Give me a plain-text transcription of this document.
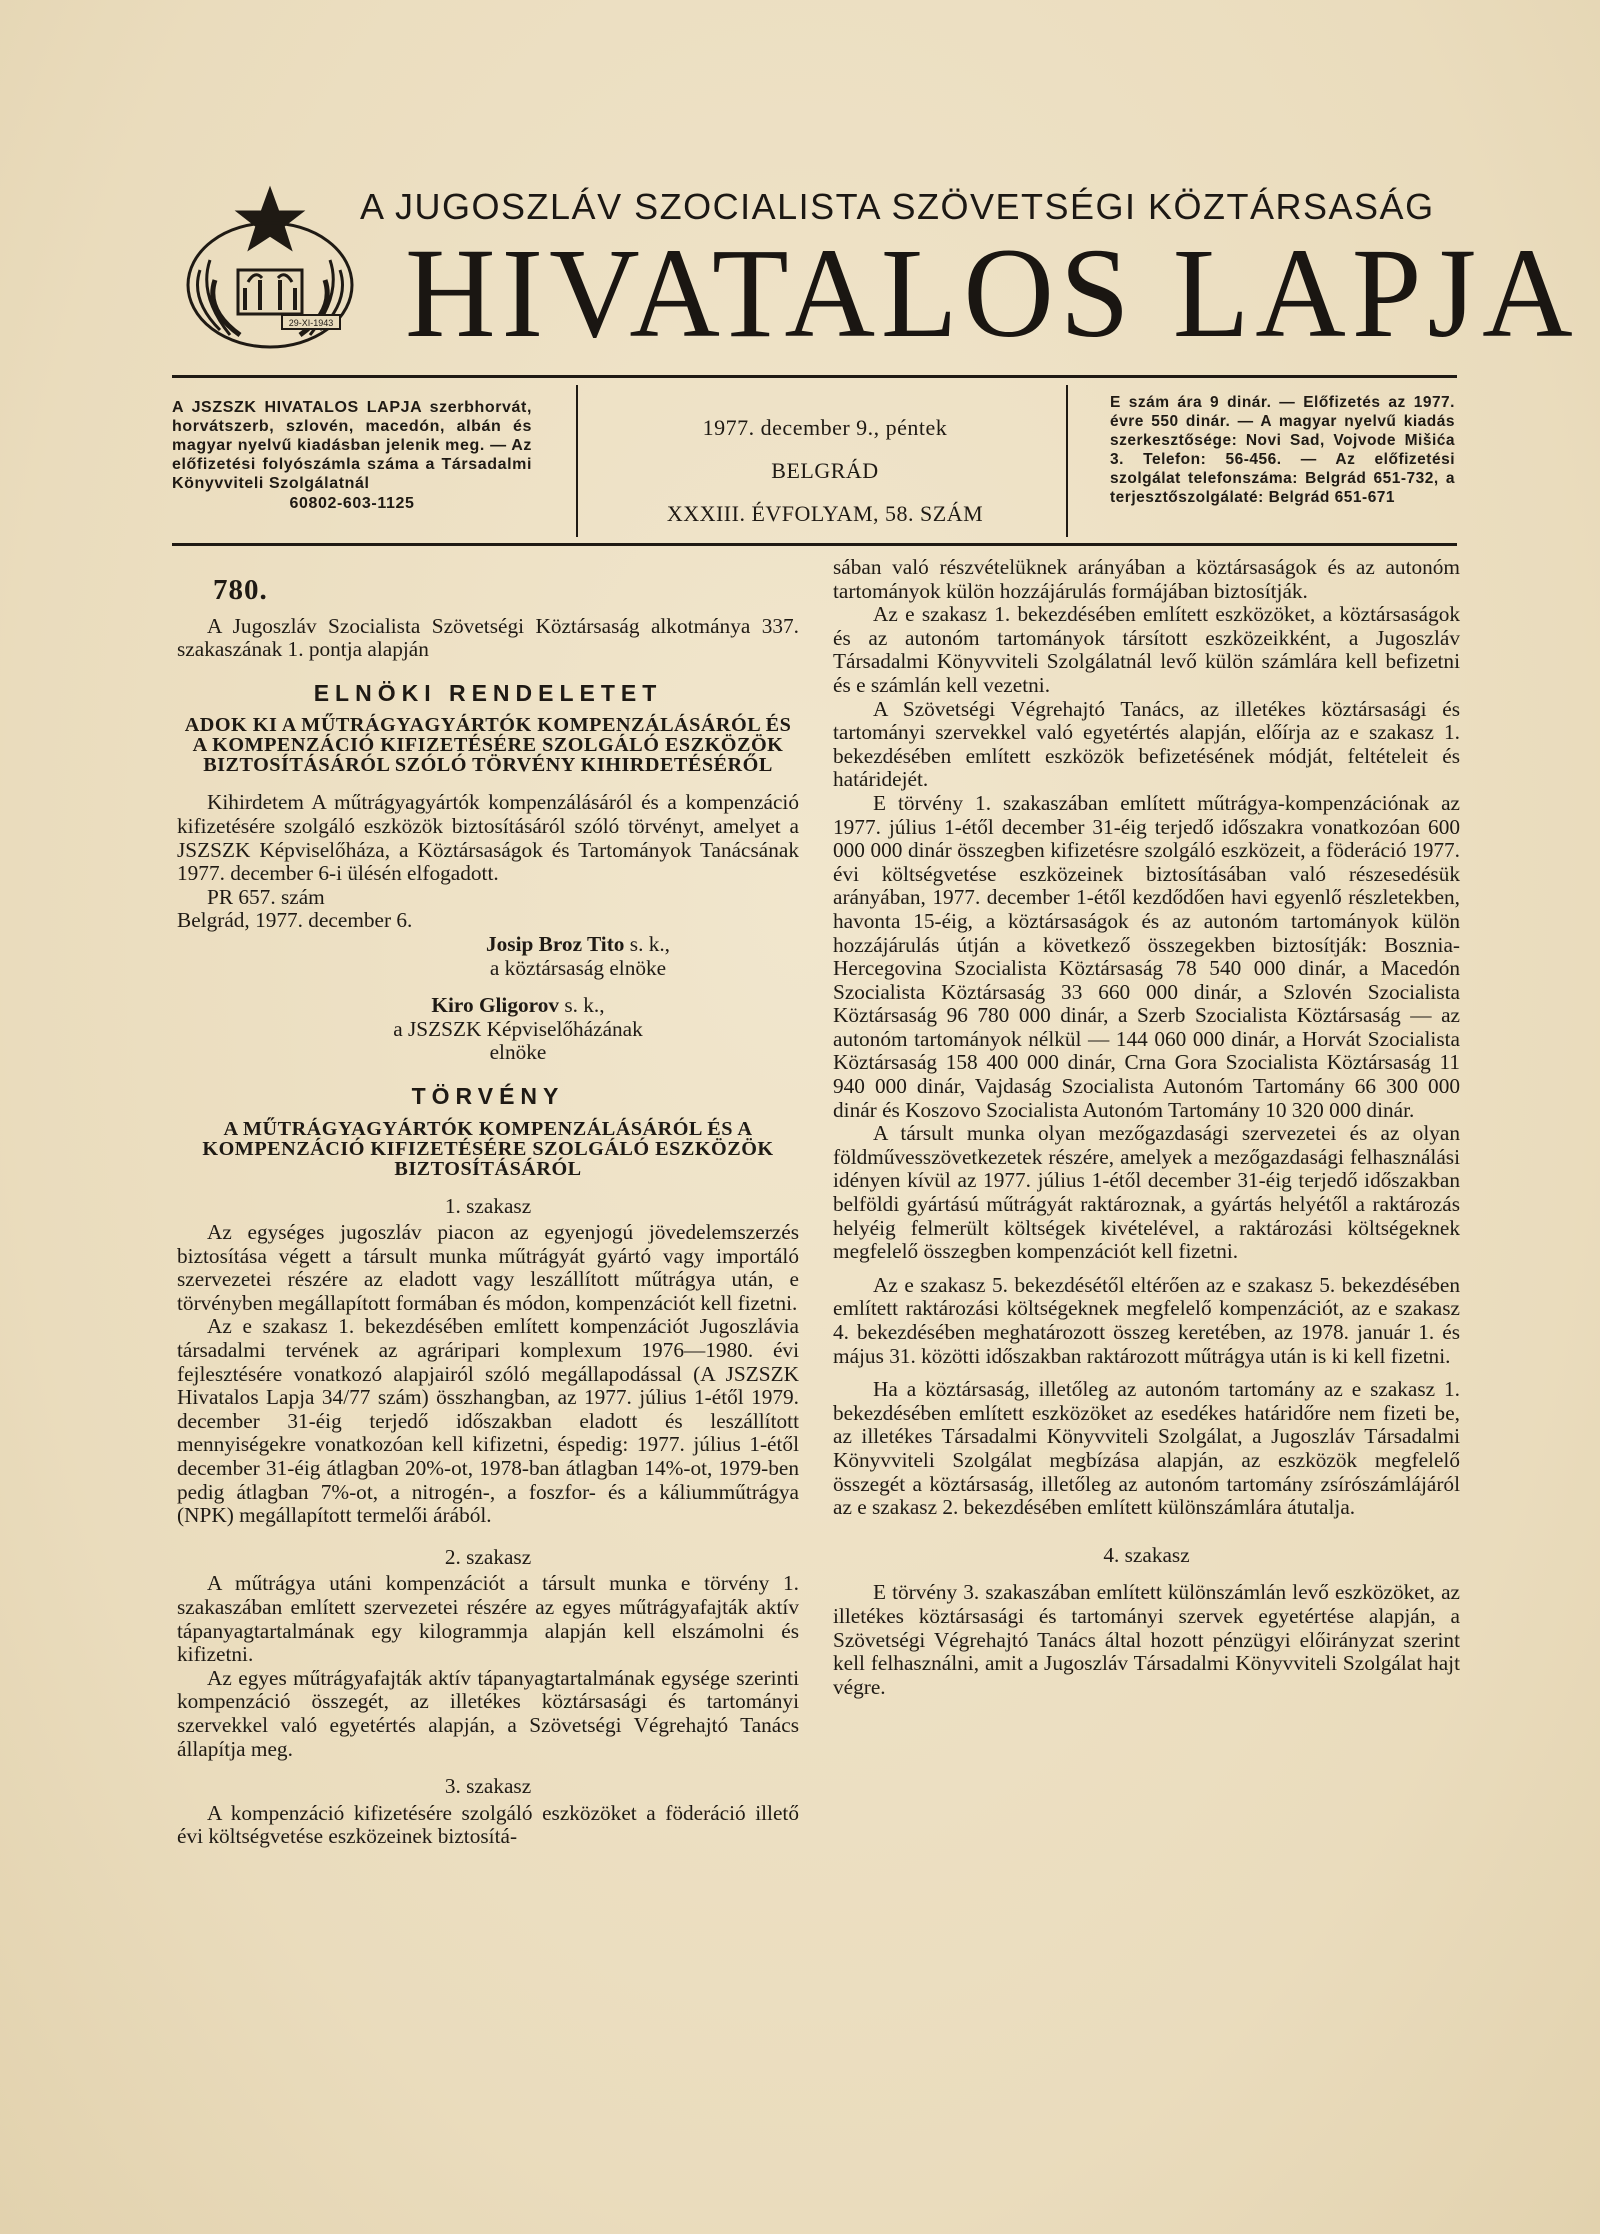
29-XI-1943
A JUGOSZLÁV SZOCIALISTA SZÖVETSÉGI KÖZTÁRSASÁG
HIVATALOS LAPJA
A JSZSZK HIVATALOS LAPJA szerbhorvát, horvátszerb, szlovén, macedón, albán és magyar nyelvű kiadásban jelenik meg. — Az előfizetési folyószámla száma a Társadalmi Könyvviteli Szolgálatnál
60802-603-1125
1977. december 9., péntek
BELGRÁD
XXXIII. ÉVFOLYAM, 58. SZÁM
E szám ára 9 dinár. — Előfizetés az 1977. évre 550 dinár. — A magyar nyelvű kiadás szerkesztősége: Novi Sad, Vojvode Mišića 3. Telefon: 56-456. — Az előfizetési szolgálat telefonszáma: Belgrád 651-732, a terjesztőszolgálaté: Belgrád 651-671
780.

A Jugoszláv Szocialista Szövetségi Köztársaság alkotmánya 337. szakaszának 1. pontja alapján

ELNÖKI RENDELETET
ADOK KI A MŰTRÁGYAGYÁRTÓK KOMPENZÁLÁSÁRÓL ÉS A KOMPENZÁCIÓ KIFIZETÉSÉRE SZOLGÁLÓ ESZKÖZÖK BIZTOSÍTÁSÁRÓL SZÓLÓ TÖRVÉNY KIHIRDETÉSÉRŐL

Kihirdetem A műtrágyagyártók kompenzálásáról és a kompenzáció kifizetésére szolgáló eszközök biztosításáról szóló törvényt, amelyet a JSZSZK Képviselőháza, a Köztársaságok és Tartományok Tanácsának 1977. december 6-i ülésén elfogadott.

PR 657. szám

Belgrád, 1977. december 6.

Josip Broz Tito s. k.,
a köztársaság elnöke
Kiro Gligorov s. k.,
a JSZSZK Képviselőházának
elnöke
TÖRVÉNY
A MŰTRÁGYAGYÁRTÓK KOMPENZÁLÁSÁRÓL ÉS A KOMPENZÁCIÓ KIFIZETÉSÉRE SZOLGÁLÓ ESZKÖZÖK BIZTOSÍTÁSÁRÓL
1. szakasz

Az egységes jugoszláv piacon az egyenjogú jövedelemszerzés biztosítása végett a társult munka műtrágyát gyártó vagy importáló szervezetei részére az eladott vagy leszállított műtrágya után, e törvényben megállapított formában és módon, kompenzációt kell fizetni.

Az e szakasz 1. bekezdésében említett kompenzációt Jugoszlávia társadalmi tervének az agráripari komplexum 1976—1980. évi fejlesztésére vonatkozó alapjairól szóló megállapodással (A JSZSZK Hivatalos Lapja 34/77 szám) összhangban, az 1977. július 1-étől 1979. december 31-éig terjedő időszakban eladott és leszállított mennyiségekre vonatkozóan kell kifizetni, éspedig: 1977. július 1-étől december 31-éig átlagban 20%-ot, 1978-ban átlagban 14%-ot, 1979-ben pedig átlagban 7%-ot, a nitrogén-, a foszfor- és a káliumműtrágya (NPK) megállapított termelői árából.

2. szakasz

A műtrágya utáni kompenzációt a társult munka e törvény 1. szakaszában említett szervezetei részére az egyes műtrágyafajták aktív tápanyagtartalmának egy kilogrammja alapján kell elszámolni és kifizetni.

Az egyes műtrágyafajták aktív tápanyagtartalmának egysége szerinti kompenzáció összegét, az illetékes köztársasági és tartományi szervekkel való egyetértés alapján, a Szövetségi Végrehajtó Tanács állapítja meg.

3. szakasz

A kompenzáció kifizetésére szolgáló eszközöket a föderáció illető évi költségvetése eszközeinek biztosítá-

sában való részvételüknek arányában a köztársaságok és az autonóm tartományok külön hozzájárulás formájában biztosítják.

Az e szakasz 1. bekezdésében említett eszközöket, a köztársaságok és az autonóm tartományok társított eszközeikként, a Jugoszláv Társadalmi Könyvviteli Szolgálatnál levő külön számlára kell befizetni és e számlán kell vezetni.

A Szövetségi Végrehajtó Tanács, az illetékes köztársasági és tartományi szervekkel való egyetértés alapján, előírja az e szakasz 1. bekezdésében említett eszközök befizetésének módját, feltételeit és határidejét.

E törvény 1. szakaszában említett műtrágya-kompenzációnak az 1977. július 1-étől december 31-éig terjedő időszakra vonatkozóan 600 000 000 dinár összegben kifizetésre szolgáló eszközeit, a föderáció 1977. évi költségvetése eszközeinek biztosításában való részesedésük arányában, 1977. december 1-étől kezdődően havi egyenlő részletekben, havonta 15-éig, a köztársaságok és az autonóm tartományok külön hozzájárulás útján a következő összegekben biztosítják: Bosznia-Hercegovina Szocialista Köztársaság 78 540 000 dinár, a Macedón Szocialista Köztársaság 33 660 000 dinár, a Szlovén Szocialista Köztársaság 96 780 000 dinár, a Szerb Szocialista Köztársaság — az autonóm tartományok nélkül — 144 060 000 dinár, a Horvát Szocialista Köztársaság 158 400 000 dinár, Crna Gora Szocialista Köztársaság 11 940 000 dinár, Vajdaság Szocialista Autonóm Tartomány 66 300 000 dinár és Koszovo Szocialista Autonóm Tartomány 10 320 000 dinár.

A társult munka olyan mezőgazdasági szervezetei és az olyan földművesszövetkezetek részére, amelyek a mezőgazdasági felhasználási idényen kívül az 1977. július 1-étől december 31-éig terjedő időszakban belföldi gyártású műtrágyát raktároznak, a gyártás helyétől a raktározás helyéig felmerült költségek kivételével, a raktározási költségeknek megfelelő összegben kompenzációt kell fizetni.

Az e szakasz 5. bekezdésétől eltérően az e szakasz 5. bekezdésében említett raktározási költségeknek megfelelő kompenzációt, az e szakasz 4. bekezdésében meghatározott összeg keretében, az 1978. január 1. és május 31. közötti időszakban raktározott műtrágya után is ki kell fizetni.

Ha a köztársaság, illetőleg az autonóm tartomány az e szakasz 1. bekezdésében említett eszközöket az esedékes határidőre nem fizeti be, az illetékes Társadalmi Könyvviteli Szolgálat, a Jugoszláv Társadalmi Könyvviteli Szolgálat megbízása alapján, az eszközök megfelelő összegét a köztársaság, illetőleg az autonóm tartomány zsírószámlájáról az e szakasz 2. bekezdésében említett különszámlára átutalja.

4. szakasz

E törvény 3. szakaszában említett különszámlán levő eszközöket, az illetékes köztársasági és tartományi szervek egyetértése alapján, a Szövetségi Végrehajtó Tanács által hozott pénzügyi előirányzat szerint kell felhasználni, amit a Jugoszláv Társadalmi Könyvviteli Szolgálat hajt végre.
